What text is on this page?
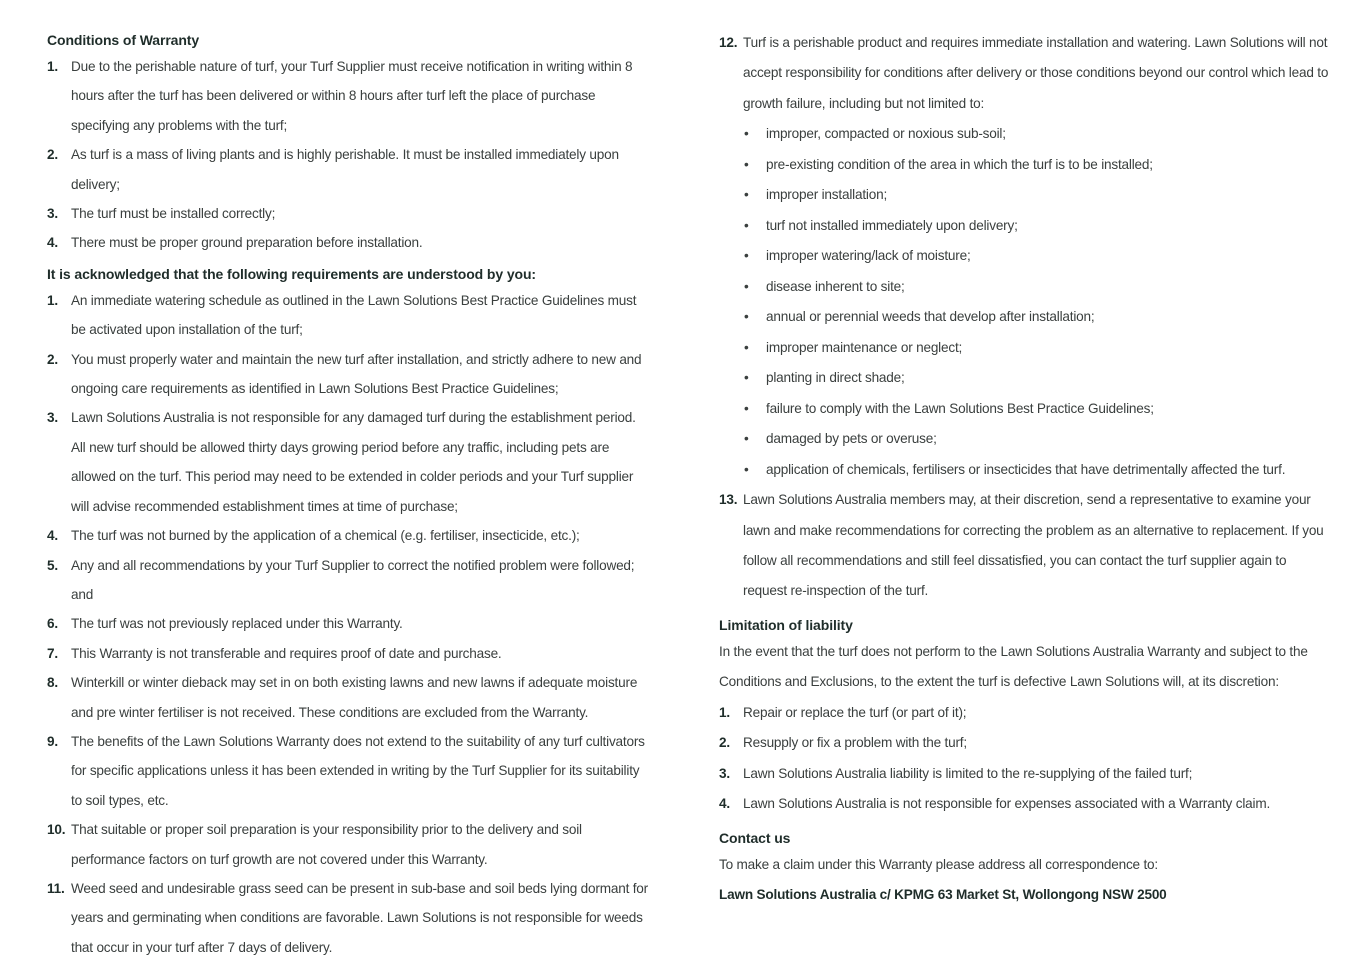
Conditions of Warranty
1. Due to the perishable nature of turf, your Turf Supplier must receive notification in writing within 8 hours after the turf has been delivered or within 8 hours after turf left the place of purchase specifying any problems with the turf;
2. As turf is a mass of living plants and is highly perishable. It must be installed immediately upon delivery;
3. The turf must be installed correctly;
4. There must be proper ground preparation before installation.
It is acknowledged that the following requirements are understood by you:
1. An immediate watering schedule as outlined in the Lawn Solutions Best Practice Guidelines must be activated upon installation of the turf;
2. You must properly water and maintain the new turf after installation, and strictly adhere to new and ongoing care requirements as identified in Lawn Solutions Best Practice Guidelines;
3. Lawn Solutions Australia is not responsible for any damaged turf during the establishment period. All new turf should be allowed thirty days growing period before any traffic, including pets are allowed on the turf. This period may need to be extended in colder periods and your Turf supplier will advise recommended establishment times at time of purchase;
4. The turf was not burned by the application of a chemical (e.g. fertiliser, insecticide, etc.);
5. Any and all recommendations by your Turf Supplier to correct the notified problem were followed; and
6. The turf was not previously replaced under this Warranty.
7. This Warranty is not transferable and requires proof of date and purchase.
8. Winterkill or winter dieback may set in on both existing lawns and new lawns if adequate moisture and pre winter fertiliser is not received. These conditions are excluded from the Warranty.
9. The benefits of the Lawn Solutions Warranty does not extend to the suitability of any turf cultivators for specific applications unless it has been extended in writing by the Turf Supplier for its suitability to soil types, etc.
10. That suitable or proper soil preparation is your responsibility prior to the delivery and soil performance factors on turf growth are not covered under this Warranty.
11. Weed seed and undesirable grass seed can be present in sub-base and soil beds lying dormant for years and germinating when conditions are favorable. Lawn Solutions is not responsible for weeds that occur in your turf after 7 days of delivery.
12. Turf is a perishable product and requires immediate installation and watering. Lawn Solutions will not accept responsibility for conditions after delivery or those conditions beyond our control which lead to growth failure, including but not limited to:
•
improper, compacted or noxious sub-soil;
•
pre-existing condition of the area in which the turf is to be installed;
•
improper installation;
•
turf not installed immediately upon delivery;
•
improper watering/lack of moisture;
•
disease inherent to site;
•
annual or perennial weeds that develop after installation;
•
improper maintenance or neglect;
•
planting in direct shade;
•
failure to comply with the Lawn Solutions Best Practice Guidelines;
•
damaged by pets or overuse;
•
application of chemicals, fertilisers or insecticides that have detrimentally affected the turf.
13. Lawn Solutions Australia members may, at their discretion, send a representative to examine your lawn and make recommendations for correcting the problem as an alternative to replacement. If you follow all recommendations and still feel dissatisfied, you can contact the turf supplier again to request re-inspection of the turf.
Limitation of liability

In the event that the turf does not perform to the Lawn Solutions Australia Warranty and subject to the Conditions and Exclusions, to the extent the turf is defective Lawn Solutions will, at its discretion:

1. Repair or replace the turf (or part of it);
2. Resupply or fix a problem with the turf;
3. Lawn Solutions Australia liability is limited to the re-supplying of the failed turf;
4. Lawn Solutions Australia is not responsible for expenses associated with a Warranty claim.
Contact us

To make a claim under this Warranty please address all correspondence to:

Lawn Solutions Australia c/ KPMG 63 Market St, Wollongong NSW 2500
